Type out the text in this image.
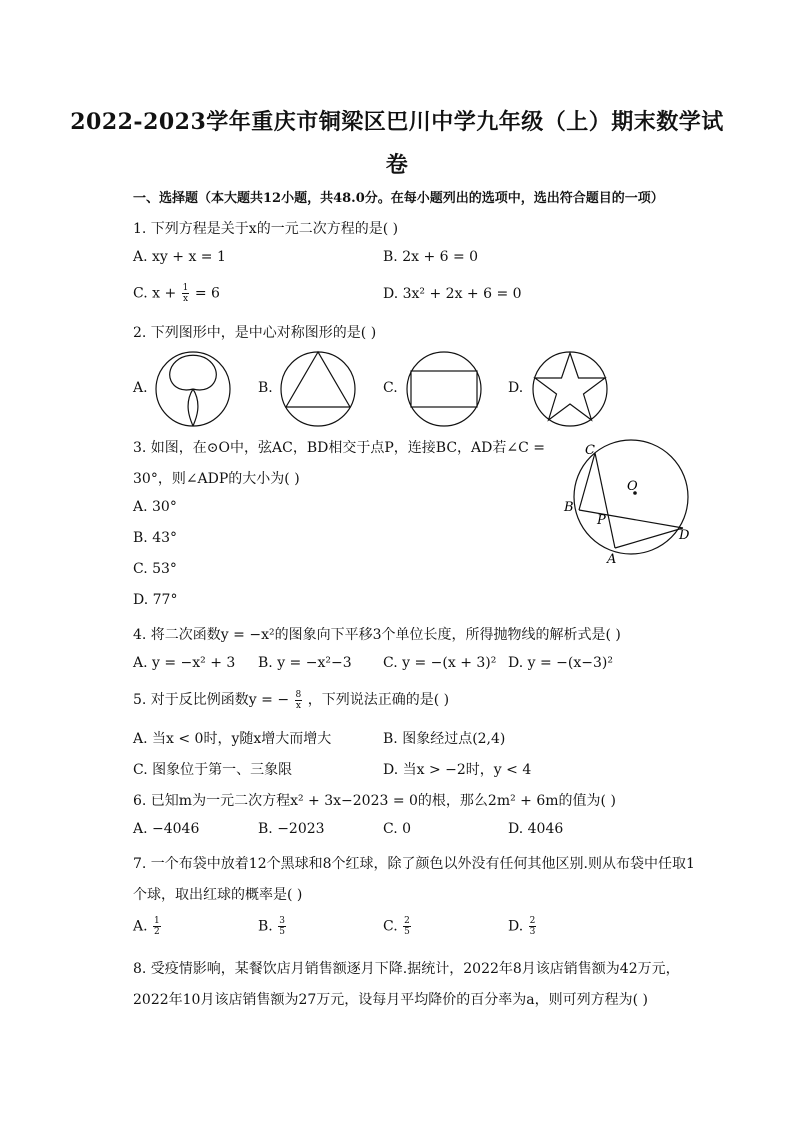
2022-2023学年重庆市铜梁区巴川中学九年级（上）期末数学试
卷
一、选择题（本大题共12小题，共48.0分。在每小题列出的选项中，选出符合题目的一项）
1. 下列方程是关于x的一元二次方程的是( )
A. xy + x = 1	B. 2x + 6 = 0
C. $x + \frac{1}{x} = 6$	D. 3x² + 2x + 6 = 0
2. 下列图形中，是中心对称图形的是( )
A.	B.	C.	D.
3. 如图，在⊙O中，弦AC，BD相交于点P，连接BC，AD若∠C =
30°，则∠ADP的大小为( )
A. 30°
B. 43°
C. 53°
D. 77°
C
O
B
P
D
A
4. 将二次函数y = −x²的图象向下平移3个单位长度，所得抛物线的解析式是( )
A. y = −x² + 3 B. y = −x²−3 C. y = −(x + 3)² D. y = −(x−3)²
5. 对于反比例函数y = − $\frac{8}{x}$ ，下列说法正确的是( )
A. 当x < 0时，y随x增大而增大	B. 图象经过点(2,4)
C. 图象位于第一、三象限	D. 当x > −2时，y < 4
6. 已知m为一元二次方程x² + 3x−2023 = 0的根，那么2m² + 6m的值为( )
A. −4046	B. −2023	C. 0	D. 4046
7. 一个布袋中放着12个黑球和8个红球，除了颜色以外没有任何其他区别.则从布袋中任取1
个球，取出红球的概率是( )
A. $\frac{1}{2}$	B. $\frac{3}{5}$	C. $\frac{2}{5}$	D. $\frac{2}{3}$
8. 受疫情影响，某餐饮店月销售额逐月下降.据统计，2022年8月该店销售额为42万元，
2022年10月该店销售额为27万元，设每月平均降价的百分率为a，则可列方程为( )
